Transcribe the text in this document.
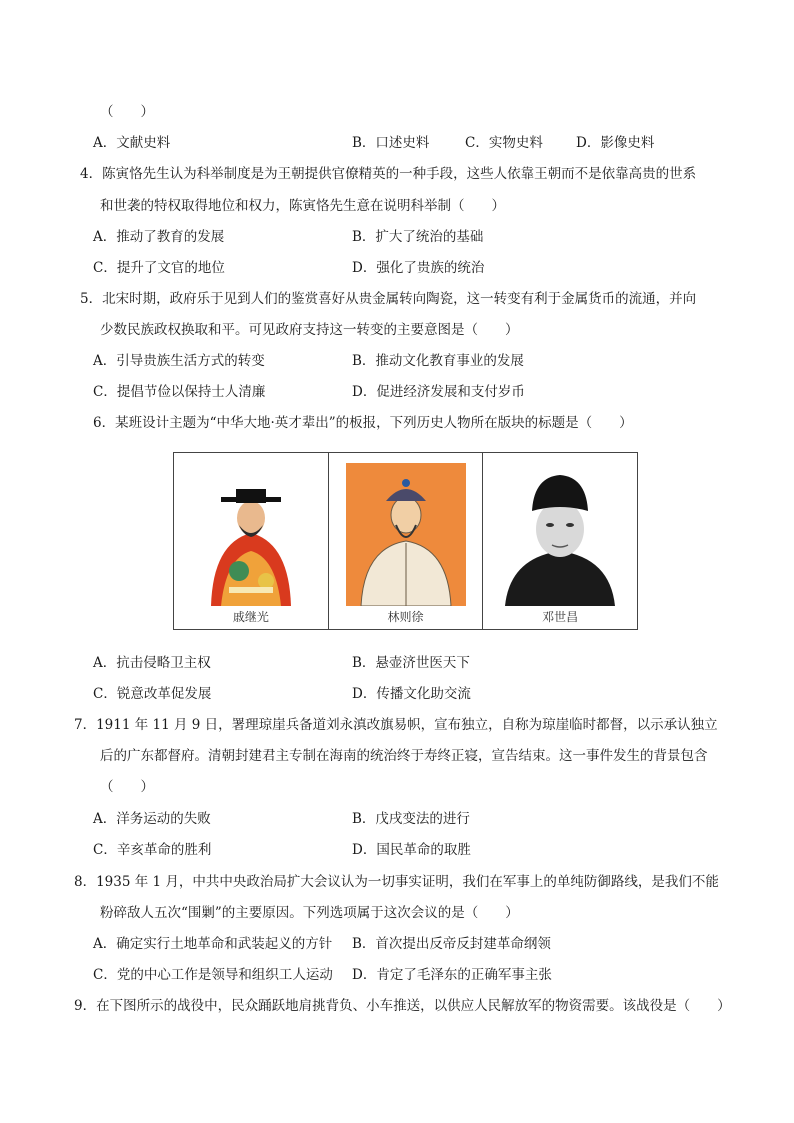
（　　）
A．文献史料	B．口述史料	C．实物史料 D．影像史料
4．陈寅恪先生认为科举制度是为王朝提供官僚精英的一种手段，这些人依靠王朝而不是依靠高贵的世系
和世袭的特权取得地位和权力，陈寅恪先生意在说明科举制（　　）
A．推动了教育的发展	B．扩大了统治的基础
C．提升了文官的地位	D．强化了贵族的统治
5．北宋时期，政府乐于见到人们的鉴赏喜好从贵金属转向陶瓷，这一转变有利于金属货币的流通，并向
少数民族政权换取和平。可见政府支持这一转变的主要意图是（　　）
A．引导贵族生活方式的转变	B．推动文化教育事业的发展
C．提倡节俭以保持士人清廉	D．促进经济发展和支付岁币
6．某班设计主题为“中华大地·英才辈出”的板报，下列历史人物所在版块的标题是（　　）
戚继光	林则徐	邓世昌
A．抗击侵略卫主权	B．悬壶济世医天下
C．锐意改革促发展	D．传播文化助交流
7．1911 年 11 月 9 日，署理琼崖兵备道刘永滇改旗易帜，宣布独立，自称为琼崖临时都督，以示承认独立
后的广东都督府。清朝封建君主专制在海南的统治终于寿终正寝，宣告结束。这一事件发生的背景包含
（　　）
A．洋务运动的失败	B．戊戌变法的进行
C．辛亥革命的胜利	D．国民革命的取胜
8．1935 年 1 月，中共中央政治局扩大会议认为一切事实证明，我们在军事上的单纯防御路线，是我们不能
粉碎敌人五次“围剿”的主要原因。下列选项属于这次会议的是（　　）
A．确定实行土地革命和武装起义的方针 B．首次提出反帝反封建革命纲领
C．党的中心工作是领导和组织工人运动 D．肯定了毛泽东的正确军事主张
9．在下图所示的战役中，民众踊跃地肩挑背负、小车推送，以供应人民解放军的物资需要。该战役是（　　）
